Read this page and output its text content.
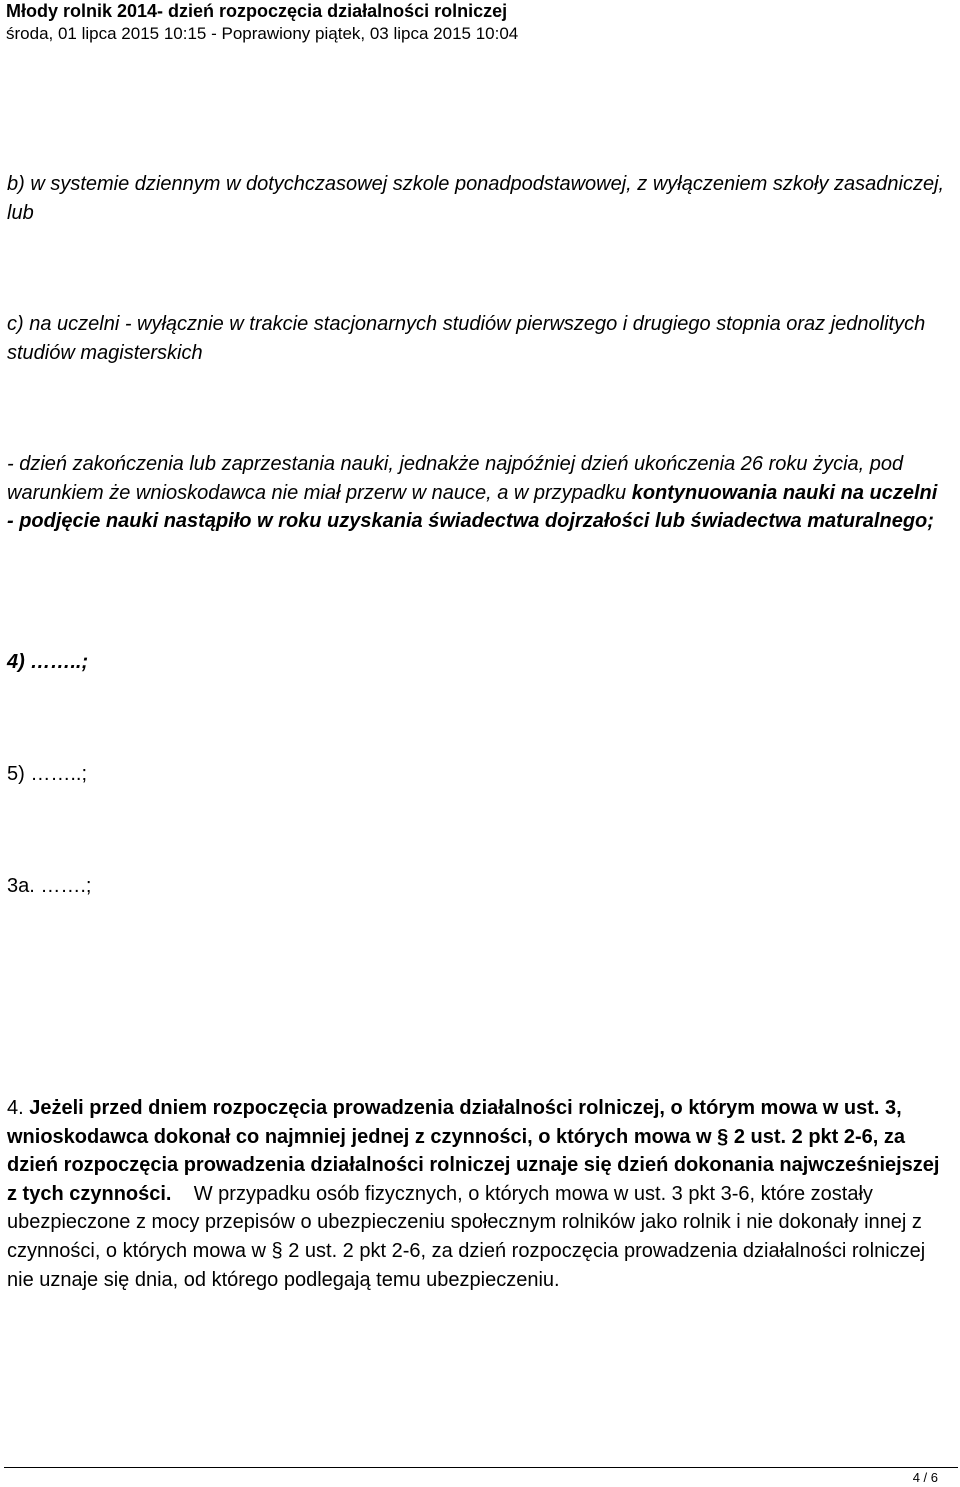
Młody rolnik 2014- dzień rozpoczęcia działalności rolniczej
środa, 01 lipca 2015 10:15 - Poprawiony piątek, 03 lipca 2015 10:04
b) w systemie dziennym w dotychczasowej szkole ponadpodstawowej, z wyłączeniem szkoły zasadniczej, lub
c) na uczelni - wyłącznie w trakcie stacjonarnych studiów pierwszego i drugiego stopnia oraz jednolitych studiów magisterskich
- dzień zakończenia lub zaprzestania nauki, jednakże najpóźniej dzień ukończenia 26 roku życia, pod warunkiem że wnioskodawca nie miał przerw w nauce, a w przypadku kontynuowania nauki na uczelni - podjęcie nauki nastąpiło w roku uzyskania świadectwa dojrzałości lub świadectwa maturalnego;
4) ……..;
5) ……..;
3a. …….;
4. Jeżeli przed dniem rozpoczęcia prowadzenia działalności rolniczej, o którym mowa w ust. 3, wnioskodawca dokonał co najmniej jednej z czynności, o których mowa w § 2 ust. 2 pkt 2-6, za dzień rozpoczęcia prowadzenia działalności rolniczej uznaje się dzień dokonania najwcześniejszej z tych czynności. W przypadku osób fizycznych, o których mowa w ust. 3 pkt 3-6, które zostały ubezpieczone z mocy przepisów o ubezpieczeniu społecznym rolników jako rolnik i nie dokonały innej z czynności, o których mowa w § 2 ust. 2 pkt 2-6, za dzień rozpoczęcia prowadzenia działalności rolniczej nie uznaje się dnia, od którego podlegają temu ubezpieczeniu.
4 / 6
